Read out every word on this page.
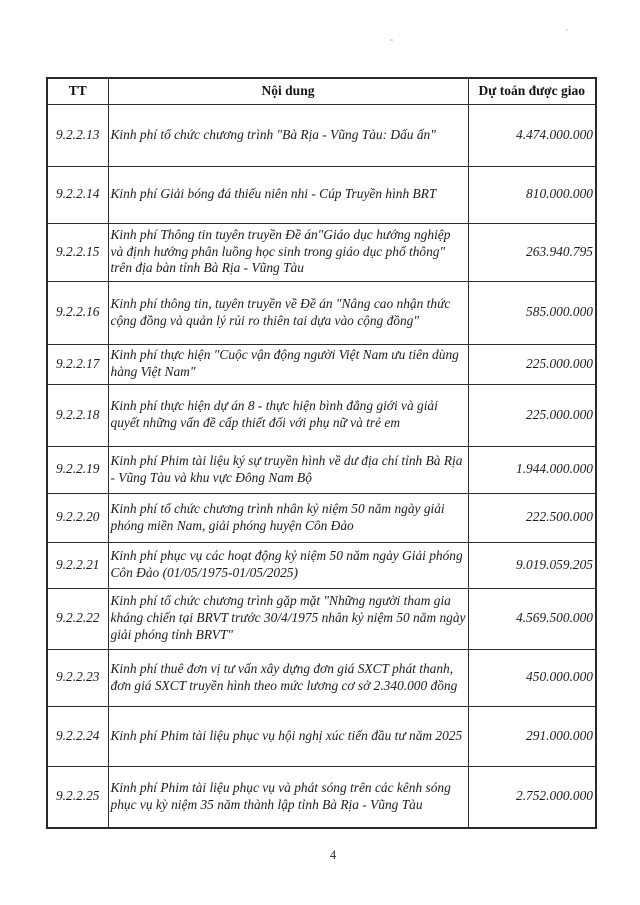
TT	Nội dung	Dự toán được giao
9.2.2.13	Kinh phí tổ chức chương trình "Bà Rịa - Vũng Tàu: Dấu ấn"	4.474.000.000
9.2.2.14	Kinh phí Giải bóng đá thiếu niên nhi - Cúp Truyền hình BRT	810.000.000
9.2.2.15	Kinh phí Thông tin tuyên truyền Đề án"Giáo dục hướng nghiệp và định hướng phân luồng học sinh trong giáo dục phổ thông" trên địa bàn tỉnh Bà Rịa - Vũng Tàu	263.940.795
9.2.2.16	Kinh phí thông tin, tuyên truyền về Đề án "Nâng cao nhận thức cộng đồng và quản lý rủi ro thiên tai dựa vào cộng đồng"	585.000.000
9.2.2.17	Kinh phí thực hiện "Cuộc vận động người Việt Nam ưu tiên dùng hàng Việt Nam"	225.000.000
9.2.2.18	Kinh phí thực hiện dự án 8 - thực hiện bình đẳng giới và giải quyết những vấn đề cấp thiết đối với phụ nữ và trẻ em	225.000.000
9.2.2.19	Kinh phí Phim tài liệu ký sự truyền hình về dư địa chí tỉnh Bà Rịa - Vũng Tàu và khu vực Đông Nam Bộ	1.944.000.000
9.2.2.20	Kinh phí tổ chức chương trình nhân kỷ niệm 50 năm ngày giải phóng miền Nam, giải phóng huyện Côn Đảo	222.500.000
9.2.2.21	Kinh phí phục vụ các hoạt động kỷ niệm 50 năm ngày Giải phóng Côn Đảo (01/05/1975-01/05/2025)	9.019.059.205
9.2.2.22	Kinh phí tổ chức chương trình gặp mặt "Những người tham gia kháng chiến tại BRVT trước 30/4/1975 nhân kỷ niệm 50 năm ngày giải phóng tỉnh BRVT"	4.569.500.000
9.2.2.23	Kinh phí thuê đơn vị tư vấn xây dựng đơn giá SXCT phát thanh, đơn giá SXCT truyền hình theo mức lương cơ sở 2.340.000 đồng	450.000.000
9.2.2.24	Kinh phí Phim tài liệu phục vụ hội nghị xúc tiến đầu tư năm 2025	291.000.000
9.2.2.25	Kinh phí Phim tài liệu phục vụ và phát sóng trên các kênh sóng phục vụ kỳ niệm 35 năm thành lập tỉnh Bà Rịa - Vũng Tàu	2.752.000.000
4
